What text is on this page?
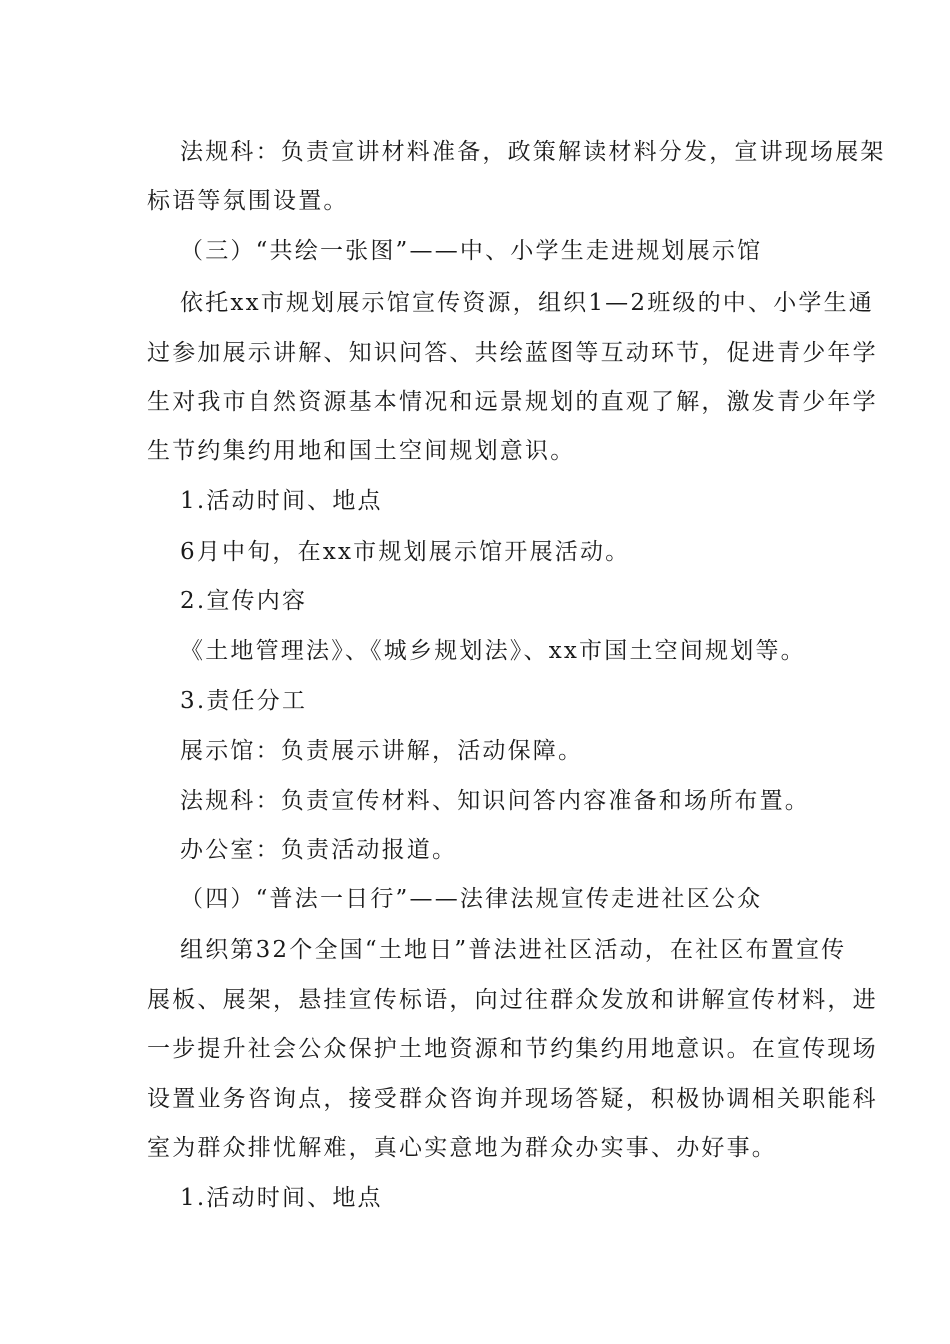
法规科：负责宣讲材料准备，政策解读材料分发，宣讲现场展架
标语等氛围设置。
（三）“共绘一张图”——中、小学生走进规划展示馆
依托xx市规划展示馆宣传资源，组织1—2班级的中、小学生通
过参加展示讲解、知识问答、共绘蓝图等互动环节，促进青少年学
生对我市自然资源基本情况和远景规划的直观了解，激发青少年学
生节约集约用地和国土空间规划意识。
1.活动时间、地点
6月中旬，在xx市规划展示馆开展活动。
2.宣传内容
《土地管理法》、《城乡规划法》、xx市国土空间规划等。
3.责任分工
展示馆：负责展示讲解，活动保障。
法规科：负责宣传材料、知识问答内容准备和场所布置。
办公室：负责活动报道。
（四）“普法一日行”——法律法规宣传走进社区公众
组织第32个全国“土地日”普法进社区活动，在社区布置宣传
展板、展架，悬挂宣传标语，向过往群众发放和讲解宣传材料，进
一步提升社会公众保护土地资源和节约集约用地意识。在宣传现场
设置业务咨询点，接受群众咨询并现场答疑，积极协调相关职能科
室为群众排忧解难，真心实意地为群众办实事、办好事。
1.活动时间、地点
